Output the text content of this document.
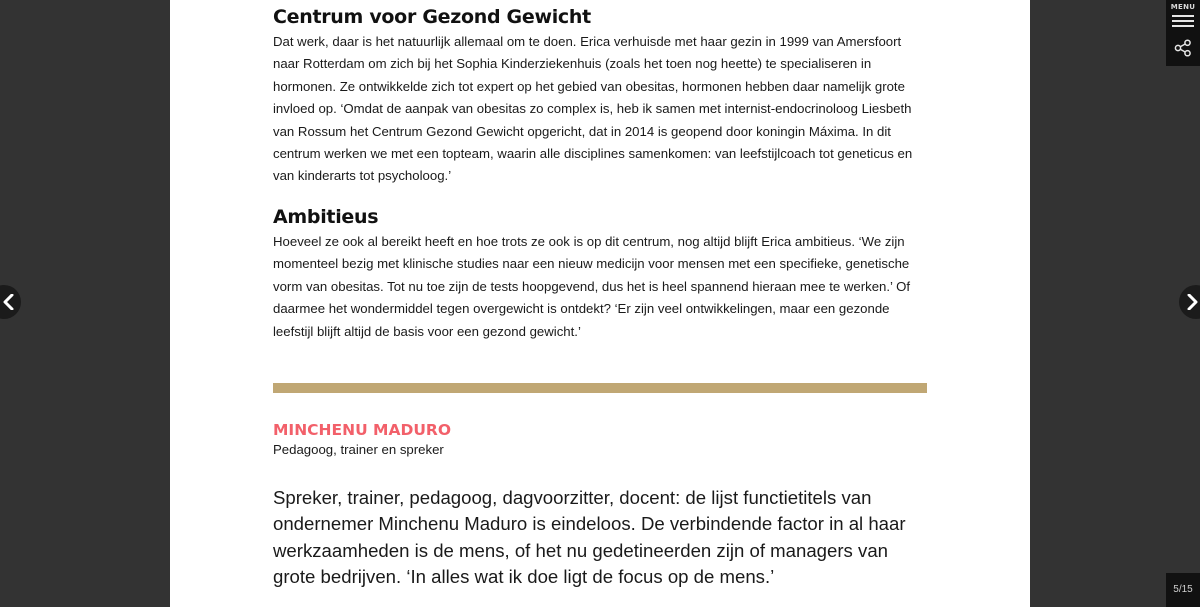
Centrum voor Gezond Gewicht

Dat werk, daar is het natuurlijk allemaal om te doen. Erica verhuisde met haar gezin in 1999 van Amersfoort
naar Rotterdam om zich bij het Sophia Kinderziekenhuis (zoals het toen nog heette) te specialiseren in
hormonen. Ze ontwikkelde zich tot expert op het gebied van obesitas, hormonen hebben daar namelijk grote
invloed op. ‘Omdat de aanpak van obesitas zo complex is, heb ik samen met internist-endocrinoloog Liesbeth
van Rossum het Centrum Gezond Gewicht opgericht, dat in 2014 is geopend door koningin Máxima. In dit
centrum werken we met een topteam, waarin alle disciplines samenkomen: van leefstijlcoach tot geneticus en
van kinderarts tot psycholoog.’

Ambitieus

Hoeveel ze ook al bereikt heeft en hoe trots ze ook is op dit centrum, nog altijd blijft Erica ambitieus. ‘We zijn
momenteel bezig met klinische studies naar een nieuw medicijn voor mensen met een specifieke, genetische
vorm van obesitas. Tot nu toe zijn de tests hoopgevend, dus het is heel spannend hieraan mee te werken.’ Of
daarmee het wondermiddel tegen overgewicht is ontdekt? ‘Er zijn veel ontwikkelingen, maar een gezonde
leefstijl blijft altijd de basis voor een gezond gewicht.’

MINCHENU MADURO

Pedagoog, trainer en spreker

Spreker, trainer, pedagoog, dagvoorzitter, docent: de lijst functietitels van
ondernemer Minchenu Maduro is eindeloos. De verbindende factor in al haar
werkzaamheden is de mens, of het nu gedetineerden zijn of managers van
grote bedrijven. ‘In alles wat ik doe ligt de focus op de mens.’

MENU
5/15
